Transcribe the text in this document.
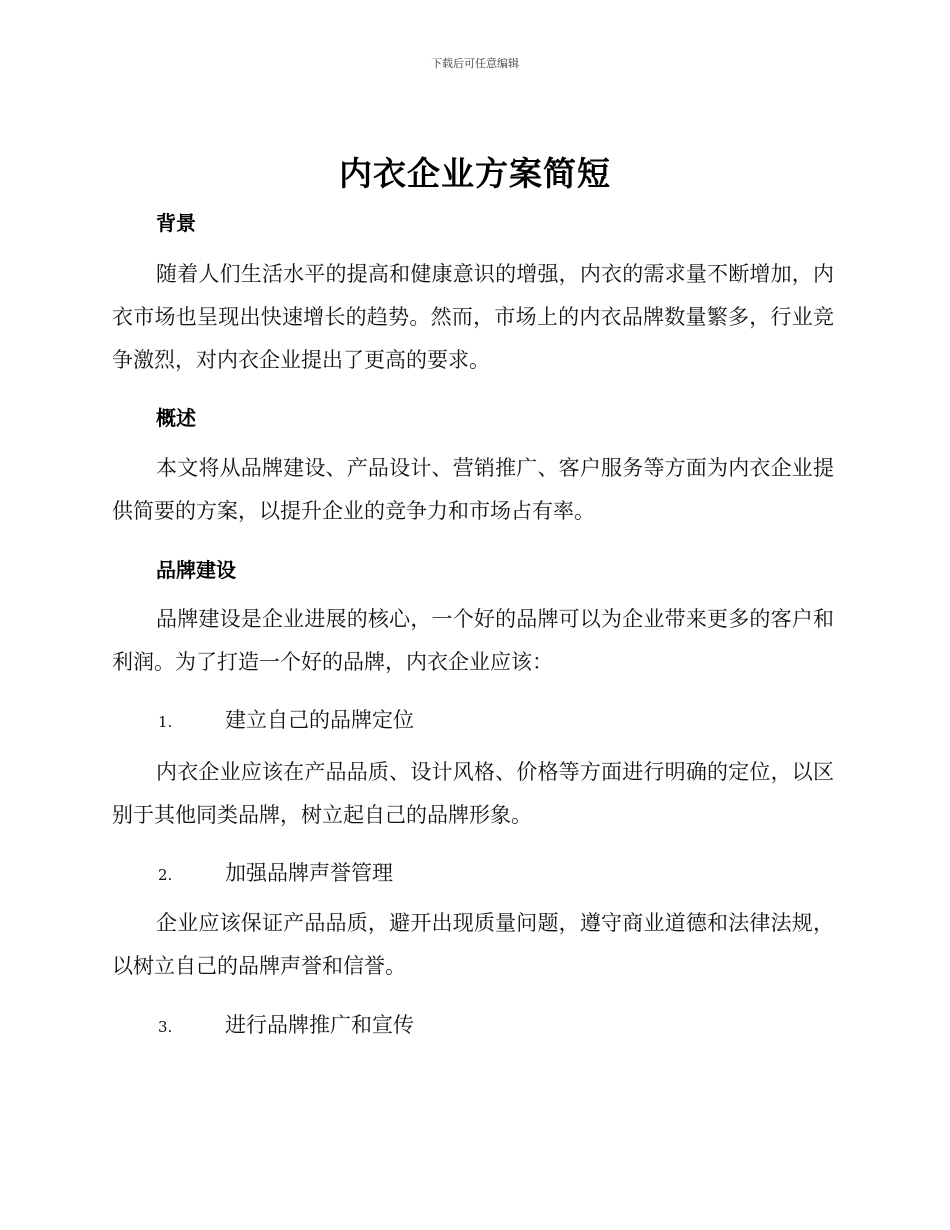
下载后可任意编辑
内衣企业方案简短
背景
随着人们生活水平的提高和健康意识的增强，内衣的需求量不断增加，内衣市场也呈现出快速增长的趋势。然而，市场上的内衣品牌数量繁多，行业竞争激烈，对内衣企业提出了更高的要求。
概述
本文将从品牌建设、产品设计、营销推广、客户服务等方面为内衣企业提供简要的方案，以提升企业的竞争力和市场占有率。
品牌建设
品牌建设是企业进展的核心，一个好的品牌可以为企业带来更多的客户和利润。为了打造一个好的品牌，内衣企业应该：
1.	建立自己的品牌定位
内衣企业应该在产品品质、设计风格、价格等方面进行明确的定位，以区别于其他同类品牌，树立起自己的品牌形象。
2.	加强品牌声誉管理
企业应该保证产品品质，避开出现质量问题，遵守商业道德和法律法规，以树立自己的品牌声誉和信誉。
3.	进行品牌推广和宣传
